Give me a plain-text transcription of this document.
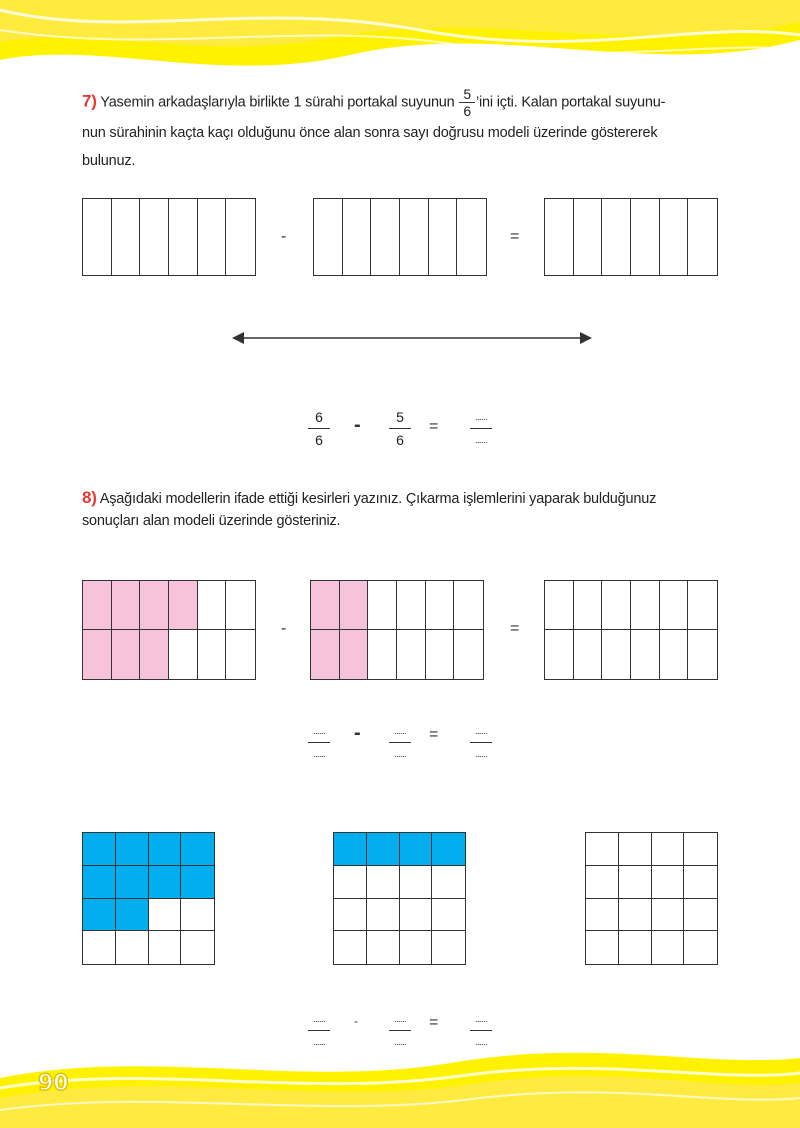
90
7) Yasemin arkadaşlarıyla birlikte 1 sürahi portakal suyunun $\frac{5}{6}$ ’ini içti. Kalan portakal suyunu-
nun sürahinin kaçta kaçı olduğunu önce alan sonra sayı doğrusu modeli üzerinde göstererek
bulunuz.
-	=
6
6
-	5
6
=
......
......
8) Aşağıdaki modellerin ifade ettiği kesirleri yazınız. Çıkarma işlemlerini yaparak bulduğunuz
sonuçları alan modeli üzerinde gösteriniz.
-	=
......
......
-	......
......
=	......
......
......
......
-	......
......
=	......
......
